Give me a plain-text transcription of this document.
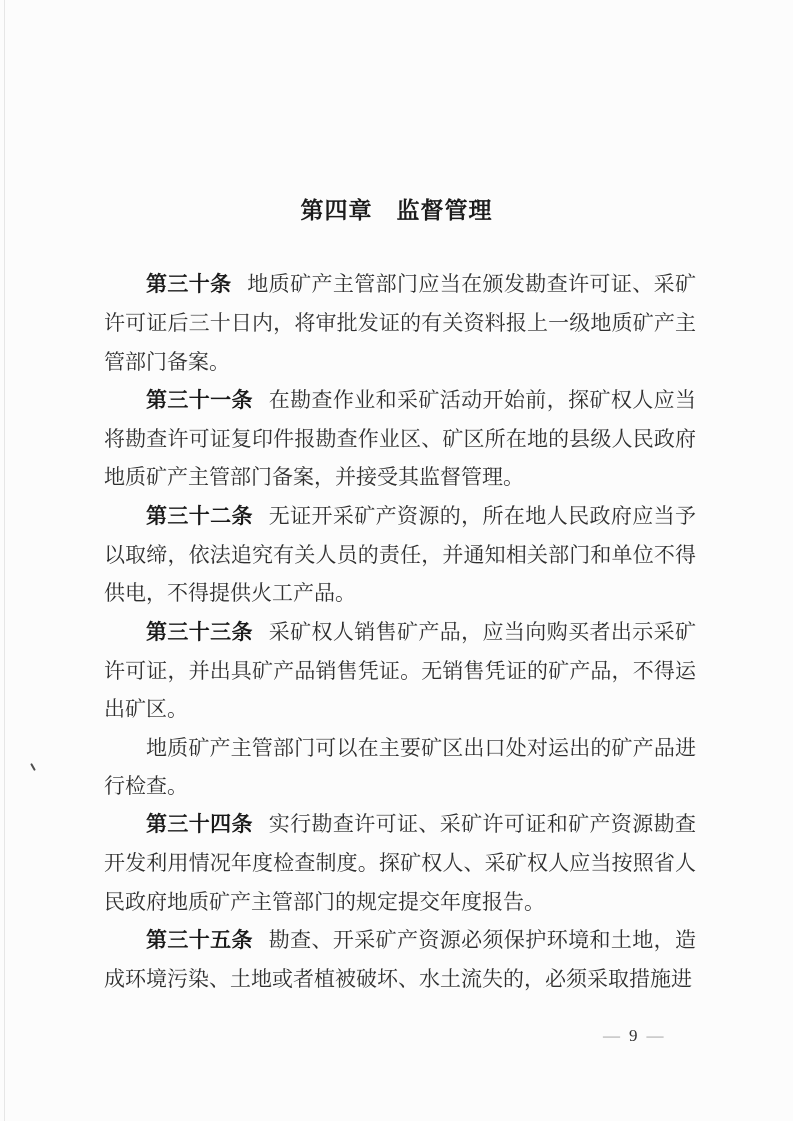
第四章　监督管理

第三十条 地质矿产主管部门应当在颁发勘查许可证、采矿许可证后三十日内，将审批发证的有关资料报上一级地质矿产主管部门备案。

第三十一条 在勘查作业和采矿活动开始前，探矿权人应当将勘查许可证复印件报勘查作业区、矿区所在地的县级人民政府地质矿产主管部门备案，并接受其监督管理。

第三十二条 无证开采矿产资源的，所在地人民政府应当予以取缔，依法追究有关人员的责任，并通知相关部门和单位不得供电，不得提供火工产品。

第三十三条 采矿权人销售矿产品，应当向购买者出示采矿许可证，并出具矿产品销售凭证。无销售凭证的矿产品，不得运出矿区。

地质矿产主管部门可以在主要矿区出口处对运出的矿产品进行检查。

第三十四条 实行勘查许可证、采矿许可证和矿产资源勘查开发利用情况年度检查制度。探矿权人、采矿权人应当按照省人民政府地质矿产主管部门的规定提交年度报告。

第三十五条 勘查、开采矿产资源必须保护环境和土地，造成环境污染、土地或者植被破坏、水土流失的，必须采取措施进

— 9 —
